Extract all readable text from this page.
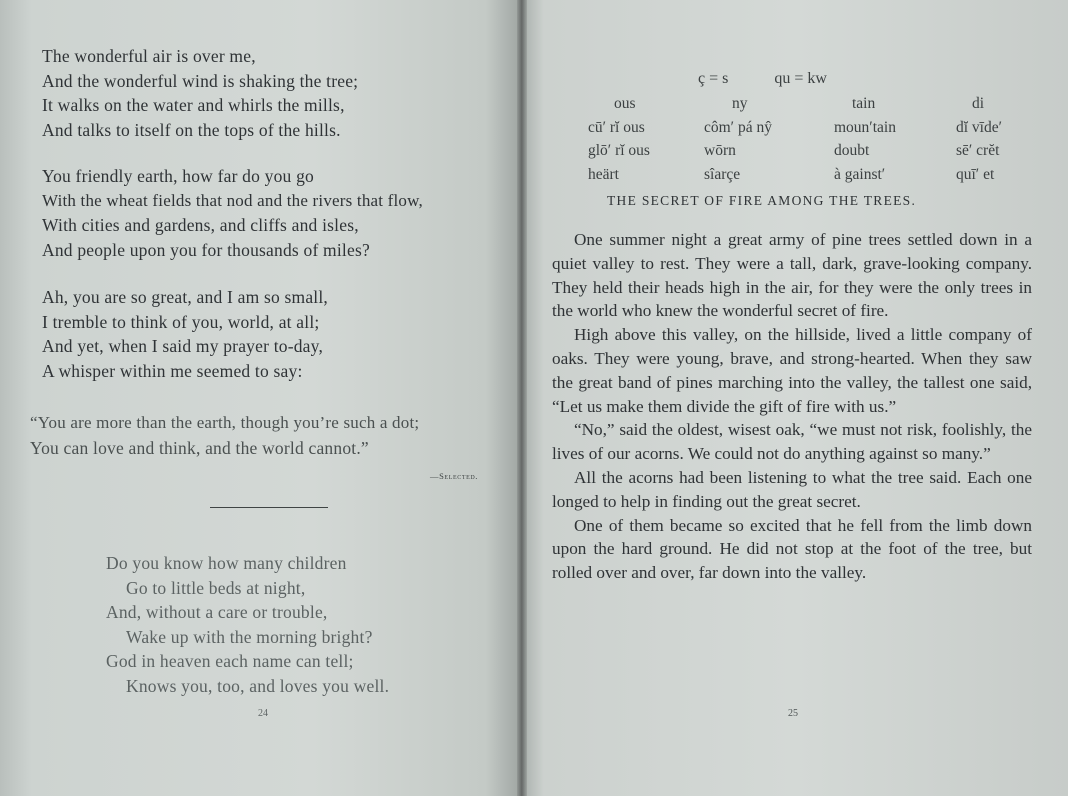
The wonderful air is over me,
And the wonderful wind is shaking the tree;
It walks on the water and whirls the mills,
And talks to itself on the tops of the hills.
You friendly earth, how far do you go
With the wheat fields that nod and the rivers that flow,
With cities and gardens, and cliffs and isles,
And people upon you for thousands of miles?
Ah, you are so great, and I am so small,
I tremble to think of you, world, at all;
And yet, when I said my prayer to-day,
A whisper within me seemed to say:
“You are more than the earth, though you’re such a dot;
You can love and think, and the world cannot.”
—Selected.
Do you know how many children
Go to little beds at night,
And, without a care or trouble,
Wake up with the morning bright?
God in heaven each name can tell;
Knows you, too, and loves you well.
24
ç = s	qu = kw
ous
cū′ rĭ ous
glō′ rĭ ous
heärt
ny
côm′ pá nŷ
wōrn
sîarçe
tain
moun′tain
doubt
à gainst′
di
dĭ vīde′
sē′ crĕt
quī′ et
THE SECRET OF FIRE AMONG THE TREES.

One summer night a great army of pine trees settled down in a quiet valley to rest. They were a tall, dark, grave-looking company. They held their heads high in the air, for they were the only trees in the world who knew the wonderful secret of fire.

High above this valley, on the hillside, lived a little company of oaks. They were young, brave, and strong-hearted. When they saw the great band of pines marching into the valley, the tallest one said, “Let us make them divide the gift of fire with us.”

“No,” said the oldest, wisest oak, “we must not risk, foolishly, the lives of our acorns. We could not do anything against so many.”

All the acorns had been listening to what the tree said. Each one longed to help in finding out the great secret.

One of them became so excited that he fell from the limb down upon the hard ground. He did not stop at the foot of the tree, but rolled over and over, far down into the valley.

25
